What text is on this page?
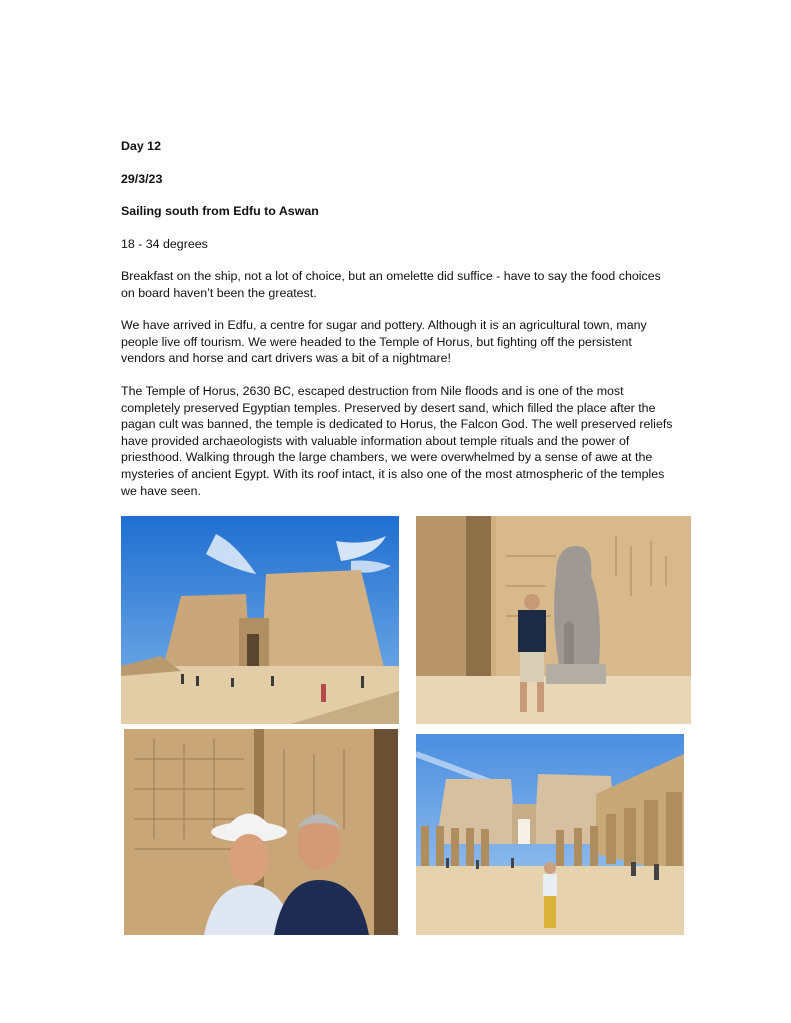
Day 12

29/3/23

Sailing south from Edfu to Aswan

18 - 34 degrees

Breakfast on the ship, not a lot of choice, but an omelette did suffice - have to say the food choices on board haven’t been the greatest.

We have arrived in Edfu, a centre for sugar and pottery. Although it is an agricultural town, many people live off tourism. We were headed to the Temple of Horus, but fighting off the persistent vendors and horse and cart drivers was a bit of a nightmare!

The Temple of Horus, 2630 BC, escaped destruction from Nile floods and is one of the most completely preserved Egyptian temples. Preserved by desert sand, which filled the place after the pagan cult was banned, the temple is dedicated to Horus, the Falcon God. The well preserved reliefs have provided archaeologists with valuable information about temple rituals and the power of priesthood. Walking through the large chambers, we were overwhelmed by a sense of awe at the mysteries of ancient Egypt. With its roof intact, it is also one of the most atmospheric of the temples we have seen.
